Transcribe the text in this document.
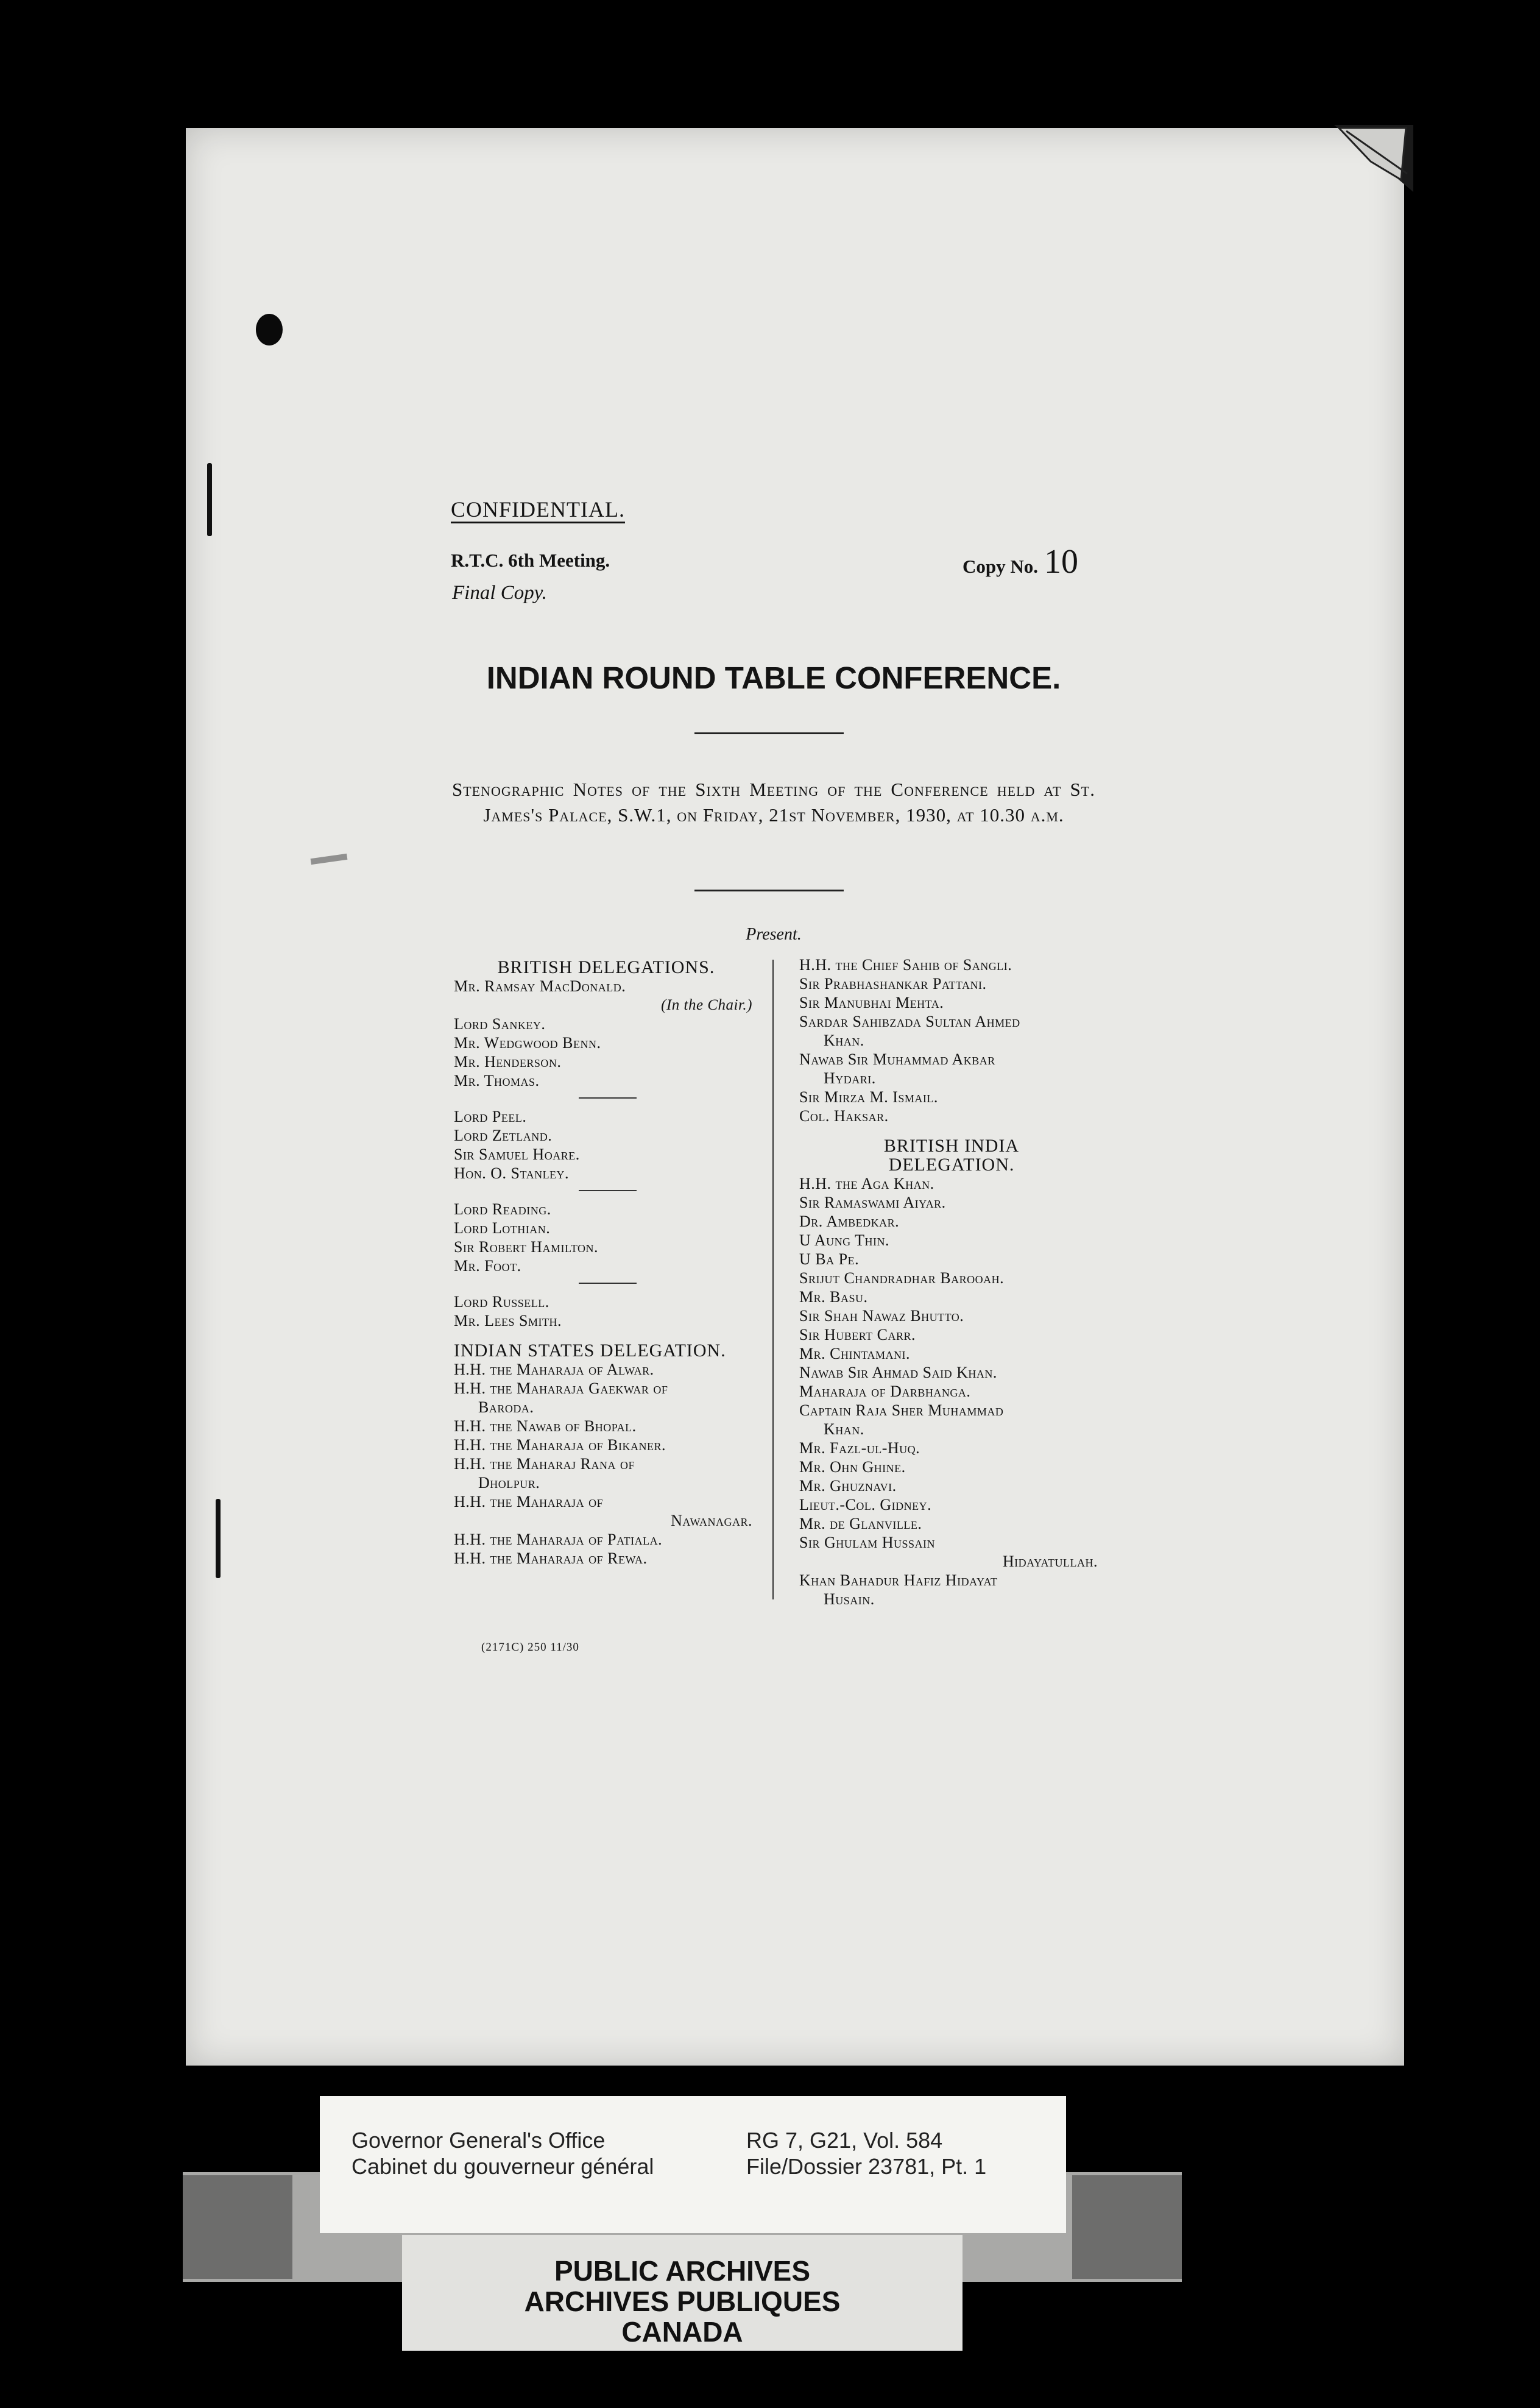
CONFIDENTIAL.
R.T.C. 6th Meeting.	Copy No. 10
Final Copy.
INDIAN ROUND TABLE CONFERENCE.
Stenographic Notes of the Sixth Meeting of the Conference held at St. James's Palace, S.W.1, on Friday, 21st November, 1930, at 10.30 a.m.
Present.
BRITISH DELEGATIONS.
Mr. Ramsay MacDonald.
(In the Chair.)
Lord Sankey.
Mr. Wedgwood Benn.
Mr. Henderson.
Mr. Thomas.
Lord Peel.
Lord Zetland.
Sir Samuel Hoare.
Hon. O. Stanley.
Lord Reading.
Lord Lothian.
Sir Robert Hamilton.
Mr. Foot.
Lord Russell.
Mr. Lees Smith.
INDIAN STATES DELEGATION.
H.H. the Maharaja of Alwar.
H.H. the Maharaja Gaekwar of
Baroda.
H.H. the Nawab of Bhopal.
H.H. the Maharaja of Bikaner.
H.H. the Maharaj Rana of
Dholpur.
H.H. the Maharaja of
Nawanagar.
H.H. the Maharaja of Patiala.
H.H. the Maharaja of Rewa.
H.H. the Chief Sahib of Sangli.
Sir Prabhashankar Pattani.
Sir Manubhai Mehta.
Sardar Sahibzada Sultan Ahmed
Khan.
Nawab Sir Muhammad Akbar
Hydari.
Sir Mirza M. Ismail.
Col. Haksar.
BRITISH INDIA
DELEGATION.
H.H. the Aga Khan.
Sir Ramaswami Aiyar.
Dr. Ambedkar.
U Aung Thin.
U Ba Pe.
Srijut Chandradhar Barooah.
Mr. Basu.
Sir Shah Nawaz Bhutto.
Sir Hubert Carr.
Mr. Chintamani.
Nawab Sir Ahmad Said Khan.
Maharaja of Darbhanga.
Captain Raja Sher Muhammad
Khan.
Mr. Fazl-ul-Huq.
Mr. Ohn Ghine.
Mr. Ghuznavi.
Lieut.-Col. Gidney.
Mr. de Glanville.
Sir Ghulam Hussain
Hidayatullah.
Khan Bahadur Hafiz Hidayat
Husain.
(2171C) 250 11/30
Governor General's Office
Cabinet du gouverneur général
RG 7, G21, Vol. 584
File/Dossier 23781, Pt. 1
PUBLIC ARCHIVES
ARCHIVES PUBLIQUES
CANADA
